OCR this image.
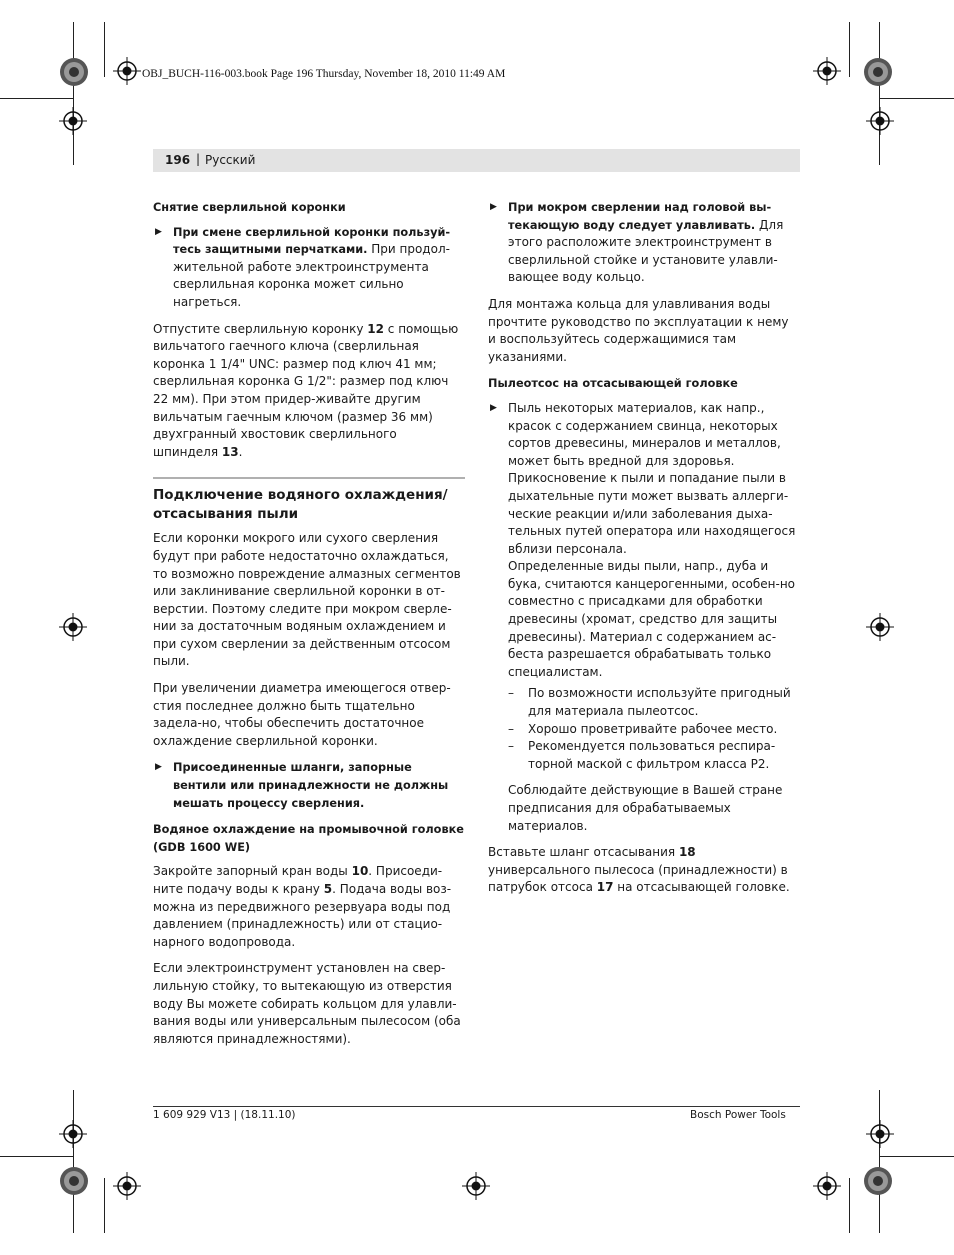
OBJ_BUCH-116-003.book Page 196 Thursday, November 18, 2010 11:49 AM
196 | Русский

Снятие сверлильной коронки

▶ При смене сверлильной коронки пользуй-тесь защитными перчатками. При продол-жительной работе электроинструмента сверлильная коронка может сильно нагреться.

Отпустите сверлильную коронку 12 с помощью вильчатого гаечного ключа (сверлильная коронка 1 1/4" UNC: размер под ключ 41 мм; сверлильная коронка G 1/2": размер под ключ 22 мм). При этом придер-живайте другим вильчатым гаечным ключом (размер 36 мм) двухгранный хвостовик сверлильного шпинделя 13.

Подключение водяного охлаждения/отсасывания пыли

Если коронки мокрого или сухого сверления будут при работе недостаточно охлаждаться, то возможно повреждение алмазных сегментов или заклинивание сверлильной коронки в от-верстии. Поэтому следите при мокром сверле-нии за достаточным водяным охлаждением и при сухом сверлении за действенным отсосом пыли.

При увеличении диаметра имеющегося отвер-стия последнее должно быть тщательно задела-но, чтобы обеспечить достаточное охлаждение сверлильной коронки.

▶ Присоединенные шланги, запорные вентили или принадлежности не должны мешать процессу сверления.

Водяное охлаждение на промывочной головке (GDB 1600 WE)

Закройте запорный кран воды 10. Присоеди-ните подачу воды к крану 5. Подача воды воз-можна из передвижного резервуара воды под давлением (принадлежность) или от стацио-нарного водопровода.

Если электроинструмент установлен на свер-лильную стойку, то вытекающую из отверстия воду Вы можете собирать кольцом для улавли-вания воды или универсальным пылесосом (оба являются принадлежностями).

▶ При мокром сверлении над головой вы-текающую воду следует улавливать. Для этого расположите электроинструмент в сверлильной стойке и установите улавли-вающее воду кольцо.

Для монтажа кольца для улавливания воды прочтите руководство по эксплуатации к нему и воспользуйтесь содержащимися там указаниями.

Пылеотсос на отсасывающей головке

▶ Пыль некоторых материалов, как напр., красок с содержанием свинца, некоторых сортов древесины, минералов и металлов, может быть вредной для здоровья. Прикосновение к пыли и попадание пыли в дыхательные пути может вызвать аллерги-ческие реакции и/или заболевания дыха-тельных путей оператора или находящегося вблизи персонала.

Определенные виды пыли, напр., дуба и бука, считаются канцерогенными, особен-но совместно с присадками для обработки древесины (хромат, средство для защиты древесины). Материал с содержанием ас-беста разрешается обрабатывать только специалистам.

– По возможности используйте пригодный для материала пылеотсос.
– Хорошо проветривайте рабочее место.
– Рекомендуется пользоваться респира-торной маской с фильтром класса P2.

Соблюдайте действующие в Вашей стране предписания для обрабатываемых материалов.

Вставьте шланг отсасывания 18 универсального пылесоса (принадлежности) в патрубок отсоса 17 на отсасывающей головке.

1 609 929 V13 | (18.11.10)	Bosch Power Tools
